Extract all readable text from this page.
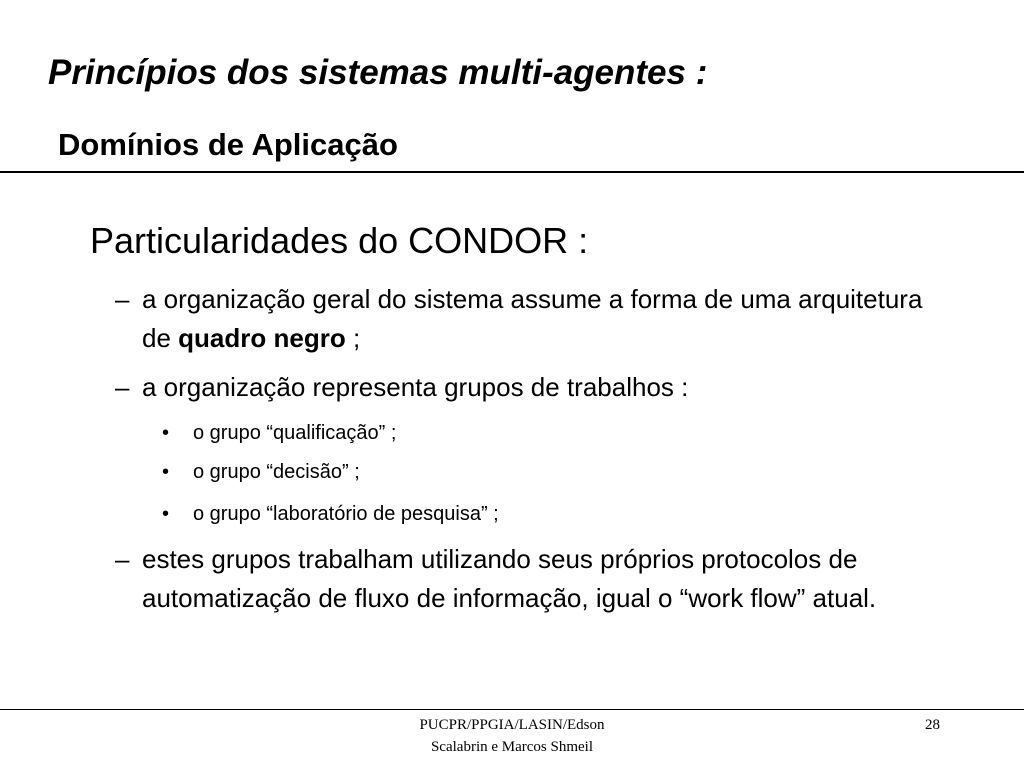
Princípios dos sistemas multi-agentes :
Domínios de Aplicação
Particularidades do CONDOR :
– a organização geral do sistema assume a forma de uma arquitetura de quadro negro ;
– a organização representa grupos de trabalhos :
• o grupo “qualificação” ;
• o grupo “decisão” ;
• o grupo “laboratório de pesquisa” ;
– estes grupos trabalham utilizando seus próprios protocolos de automatização de fluxo de informação, igual o “work flow” atual.
PUCPR/PPGIA/LASIN/Edson
Scalabrin e Marcos Shmeil
28
